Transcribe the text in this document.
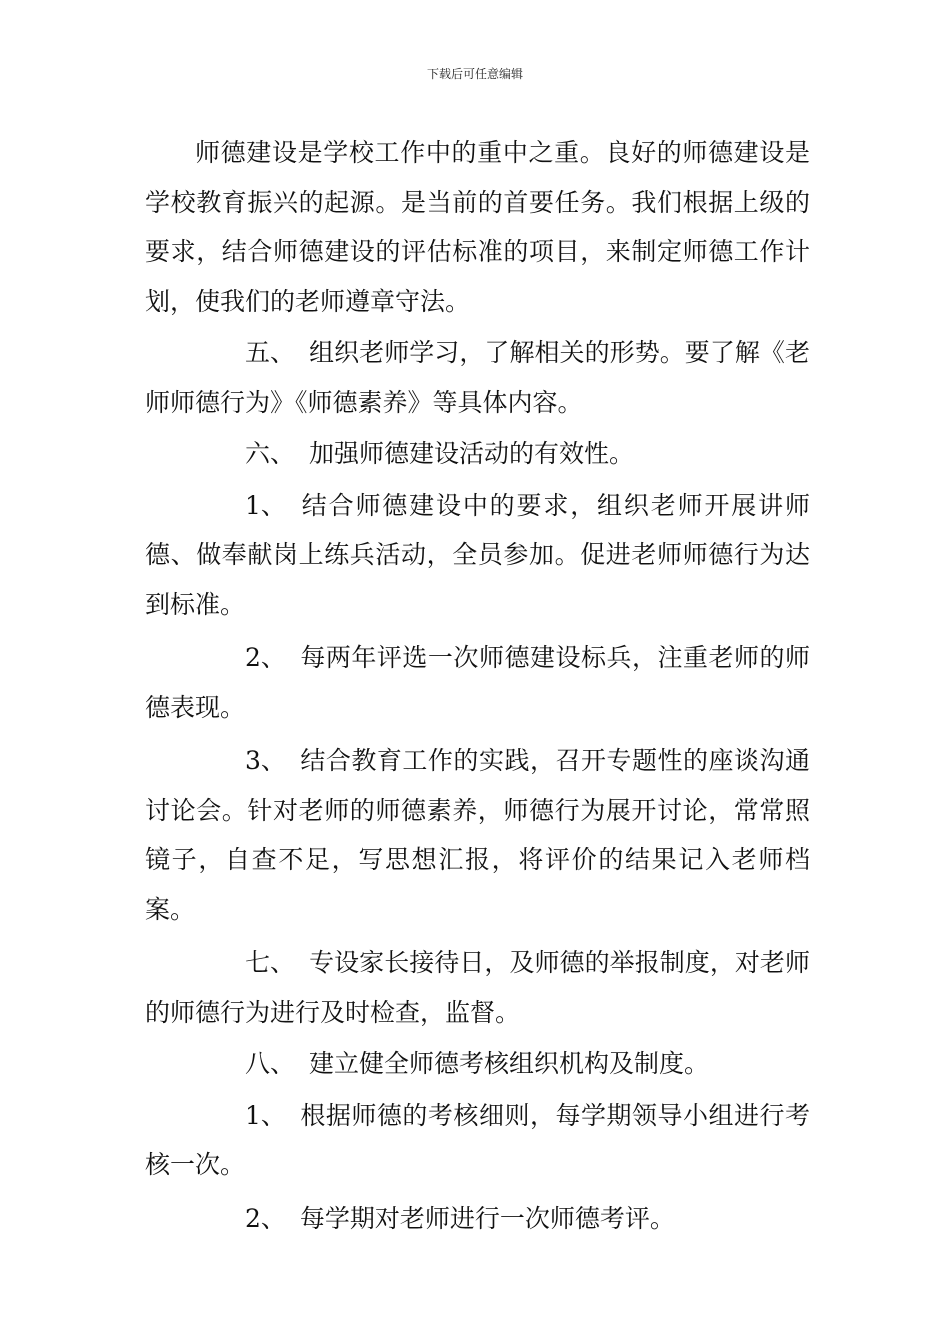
下载后可任意编辑

师德建设是学校工作中的重中之重。良好的师德建设是学校教育振兴的起源。是当前的首要任务。我们根据上级的要求，结合师德建设的评估标准的项目，来制定师德工作计划，使我们的老师遵章守法。

五、 组织老师学习，了解相关的形势。要了解《老师师德行为》《师德素养》等具体内容。

六、 加强师德建设活动的有效性。

1、 结合师德建设中的要求，组织老师开展讲师德、做奉献岗上练兵活动，全员参加。促进老师师德行为达到标准。

2、 每两年评选一次师德建设标兵，注重老师的师德表现。

3、 结合教育工作的实践，召开专题性的座谈沟通讨论会。针对老师的师德素养，师德行为展开讨论，常常照镜子，自查不足，写思想汇报，将评价的结果记入老师档案。

七、 专设家长接待日，及师德的举报制度，对老师的师德行为进行及时检查，监督。

八、 建立健全师德考核组织机构及制度。

1、 根据师德的考核细则，每学期领导小组进行考核一次。

2、 每学期对老师进行一次师德考评。
